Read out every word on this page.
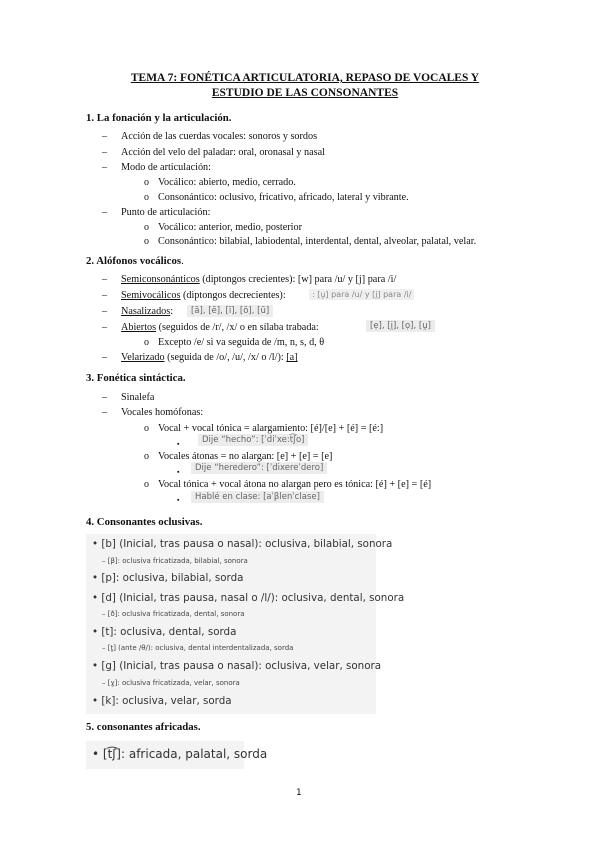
TEMA 7: FONÉTICA ARTICULATORIA, REPASO DE VOCALES Y
ESTUDIO DE LAS CONSONANTES
1. La fonación y la articulación.
– Acción de las cuerdas vocales: sonoros y sordos
– Acción del velo del paladar: oral, oronasal y nasal
– Modo de articulación:
o Vocálico: abierto, medio, cerrado.
o Consonántico: oclusivo, fricativo, africado, lateral y vibrante.
– Punto de articulación:
o Vocálico: anterior, medio, posterior
o Consonántico: bilabial, labiodental, interdental, dental, alveolar, palatal, velar.
2. Alófonos vocálicos.
– Semiconsonánticos (diptongos crecientes): [w] para /u/ y [j] para /i/
– Semivocálicos (diptongos decrecientes):	: [u̯] para /u/ y [i̯] para /i/
– Nasalizados:	[ã], [ẽ], [ĩ], [õ], [ũ]
– Abiertos (seguidos de /r/, /x/ o en sílaba trabada:	[ẹ], [i̯], [ọ], [u̯]
o Excepto /e/ si va seguida de /m, n, s, d, θ
– Velarizado (seguida de /o/, /u/, /x/ o /l/): [a]
3. Fonética sintáctica.
– Sinalefa
– Vocales homófonas:
o Vocal + vocal tónica = alargamiento: [é]/[e] + [é] = [é:]
▪	Dije “hecho”: [ˈdiˈxe:t͡ʃo]
o Vocales átonas = no alargan: [e] + [e] = [e]
▪	Dije “heredero”: [ˈdixereˈdero]
o Vocal tónica + vocal átona no alargan pero es tónica: [é] + [e] = [é]
▪	Hablé en clase: [aˈβlenˈclase]
4. Consonantes oclusivas.
• [b] (Inicial, tras pausa o nasal): oclusiva, bilabial, sonora
– [β]: oclusiva fricatizada, bilabial, sonora
• [p]: oclusiva, bilabial, sorda
• [d] (Inicial, tras pausa, nasal o /l/): oclusiva, dental, sonora
– [ð]: oclusiva fricatizada, dental, sonora
• [t]: oclusiva, dental, sorda
– [t̪] (ante /θ/): oclusiva, dental interdentalizada, sorda
• [g] (Inicial, tras pausa o nasal): oclusiva, velar, sonora
– [ɣ]: oclusiva fricatizada, velar, sonora
• [k]: oclusiva, velar, sorda
5. consonantes africadas.
• [t͡ʃ]: africada, palatal, sorda
1
